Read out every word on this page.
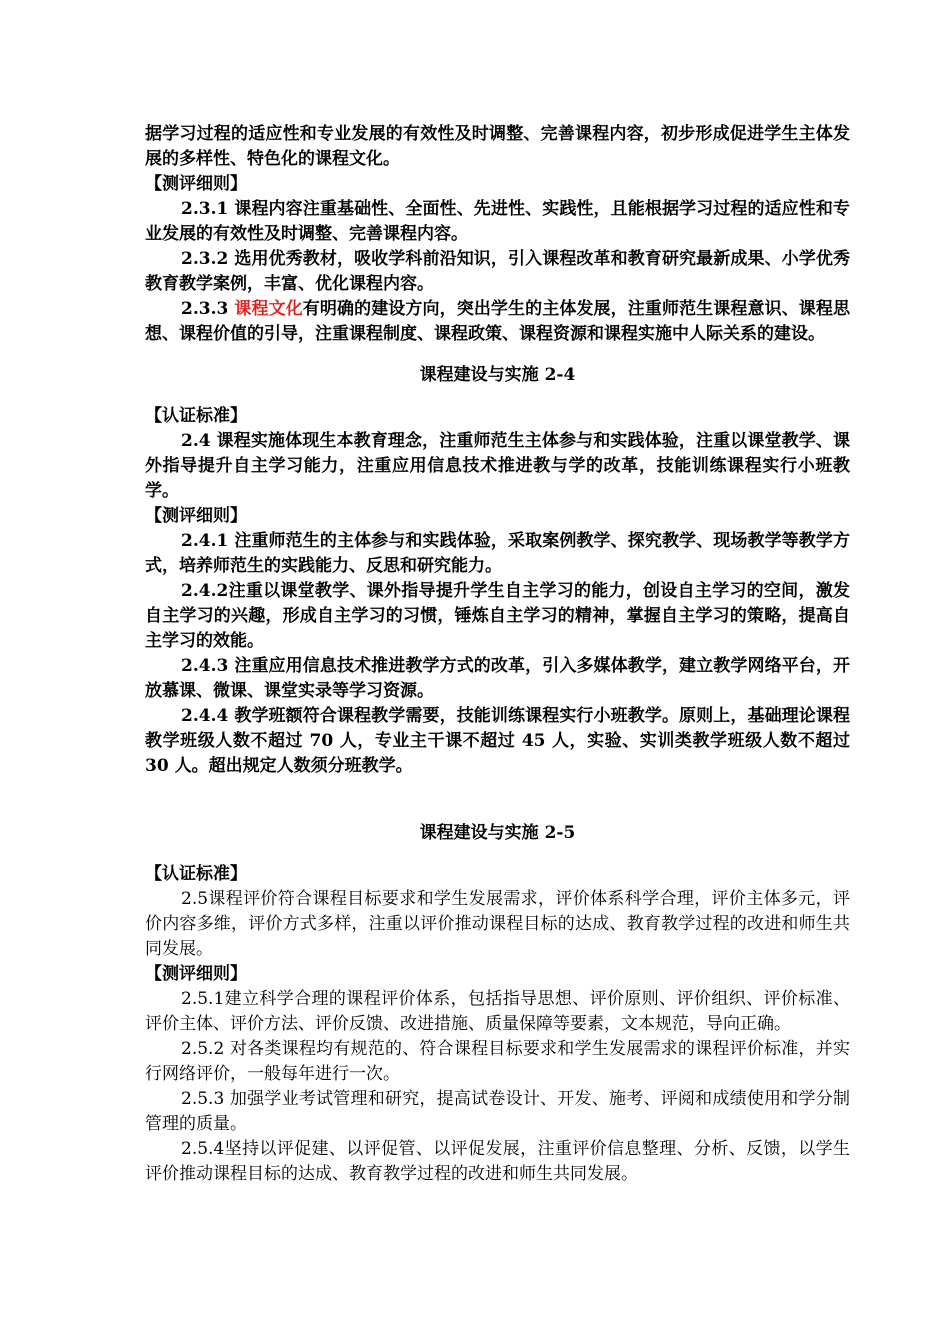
据学习过程的适应性和专业发展的有效性及时调整、完善课程内容，初步形成促进学生主体发展的多样性、特色化的课程文化。

【测评细则】

2.3.1 课程内容注重基础性、全面性、先进性、实践性，且能根据学习过程的适应性和专业发展的有效性及时调整、完善课程内容。

2.3.2 选用优秀教材，吸收学科前沿知识，引入课程改革和教育研究最新成果、小学优秀教育教学案例，丰富、优化课程内容。

2.3.3 课程文化有明确的建设方向，突出学生的主体发展，注重师范生课程意识、课程思想、课程价值的引导，注重课程制度、课程政策、课程资源和课程实施中人际关系的建设。

课程建设与实施 2-4

【认证标准】

2.4 课程实施体现生本教育理念，注重师范生主体参与和实践体验，注重以课堂教学、课外指导提升自主学习能力，注重应用信息技术推进教与学的改革，技能训练课程实行小班教学。

【测评细则】

2.4.1 注重师范生的主体参与和实践体验，采取案例教学、探究教学、现场教学等教学方式，培养师范生的实践能力、反思和研究能力。

2.4.2注重以课堂教学、课外指导提升学生自主学习的能力，创设自主学习的空间，激发自主学习的兴趣，形成自主学习的习惯，锤炼自主学习的精神，掌握自主学习的策略，提高自主学习的效能。

2.4.3 注重应用信息技术推进教学方式的改革，引入多媒体教学，建立教学网络平台，开放慕课、微课、课堂实录等学习资源。

2.4.4 教学班额符合课程教学需要，技能训练课程实行小班教学。原则上，基础理论课程教学班级人数不超过 70 人，专业主干课不超过 45 人，实验、实训类教学班级人数不超过 30 人。超出规定人数须分班教学。

课程建设与实施 2-5

【认证标准】

2.5课程评价符合课程目标要求和学生发展需求，评价体系科学合理，评价主体多元，评价内容多维，评价方式多样，注重以评价推动课程目标的达成、教育教学过程的改进和师生共同发展。

【测评细则】

2.5.1建立科学合理的课程评价体系，包括指导思想、评价原则、评价组织、评价标准、评价主体、评价方法、评价反馈、改进措施、质量保障等要素，文本规范，导向正确。

2.5.2 对各类课程均有规范的、符合课程目标要求和学生发展需求的课程评价标准，并实行网络评价，一般每年进行一次。

2.5.3 加强学业考试管理和研究，提高试卷设计、开发、施考、评阅和成绩使用和学分制管理的质量。

2.5.4坚持以评促建、以评促管、以评促发展，注重评价信息整理、分析、反馈，以学生评价推动课程目标的达成、教育教学过程的改进和师生共同发展。
